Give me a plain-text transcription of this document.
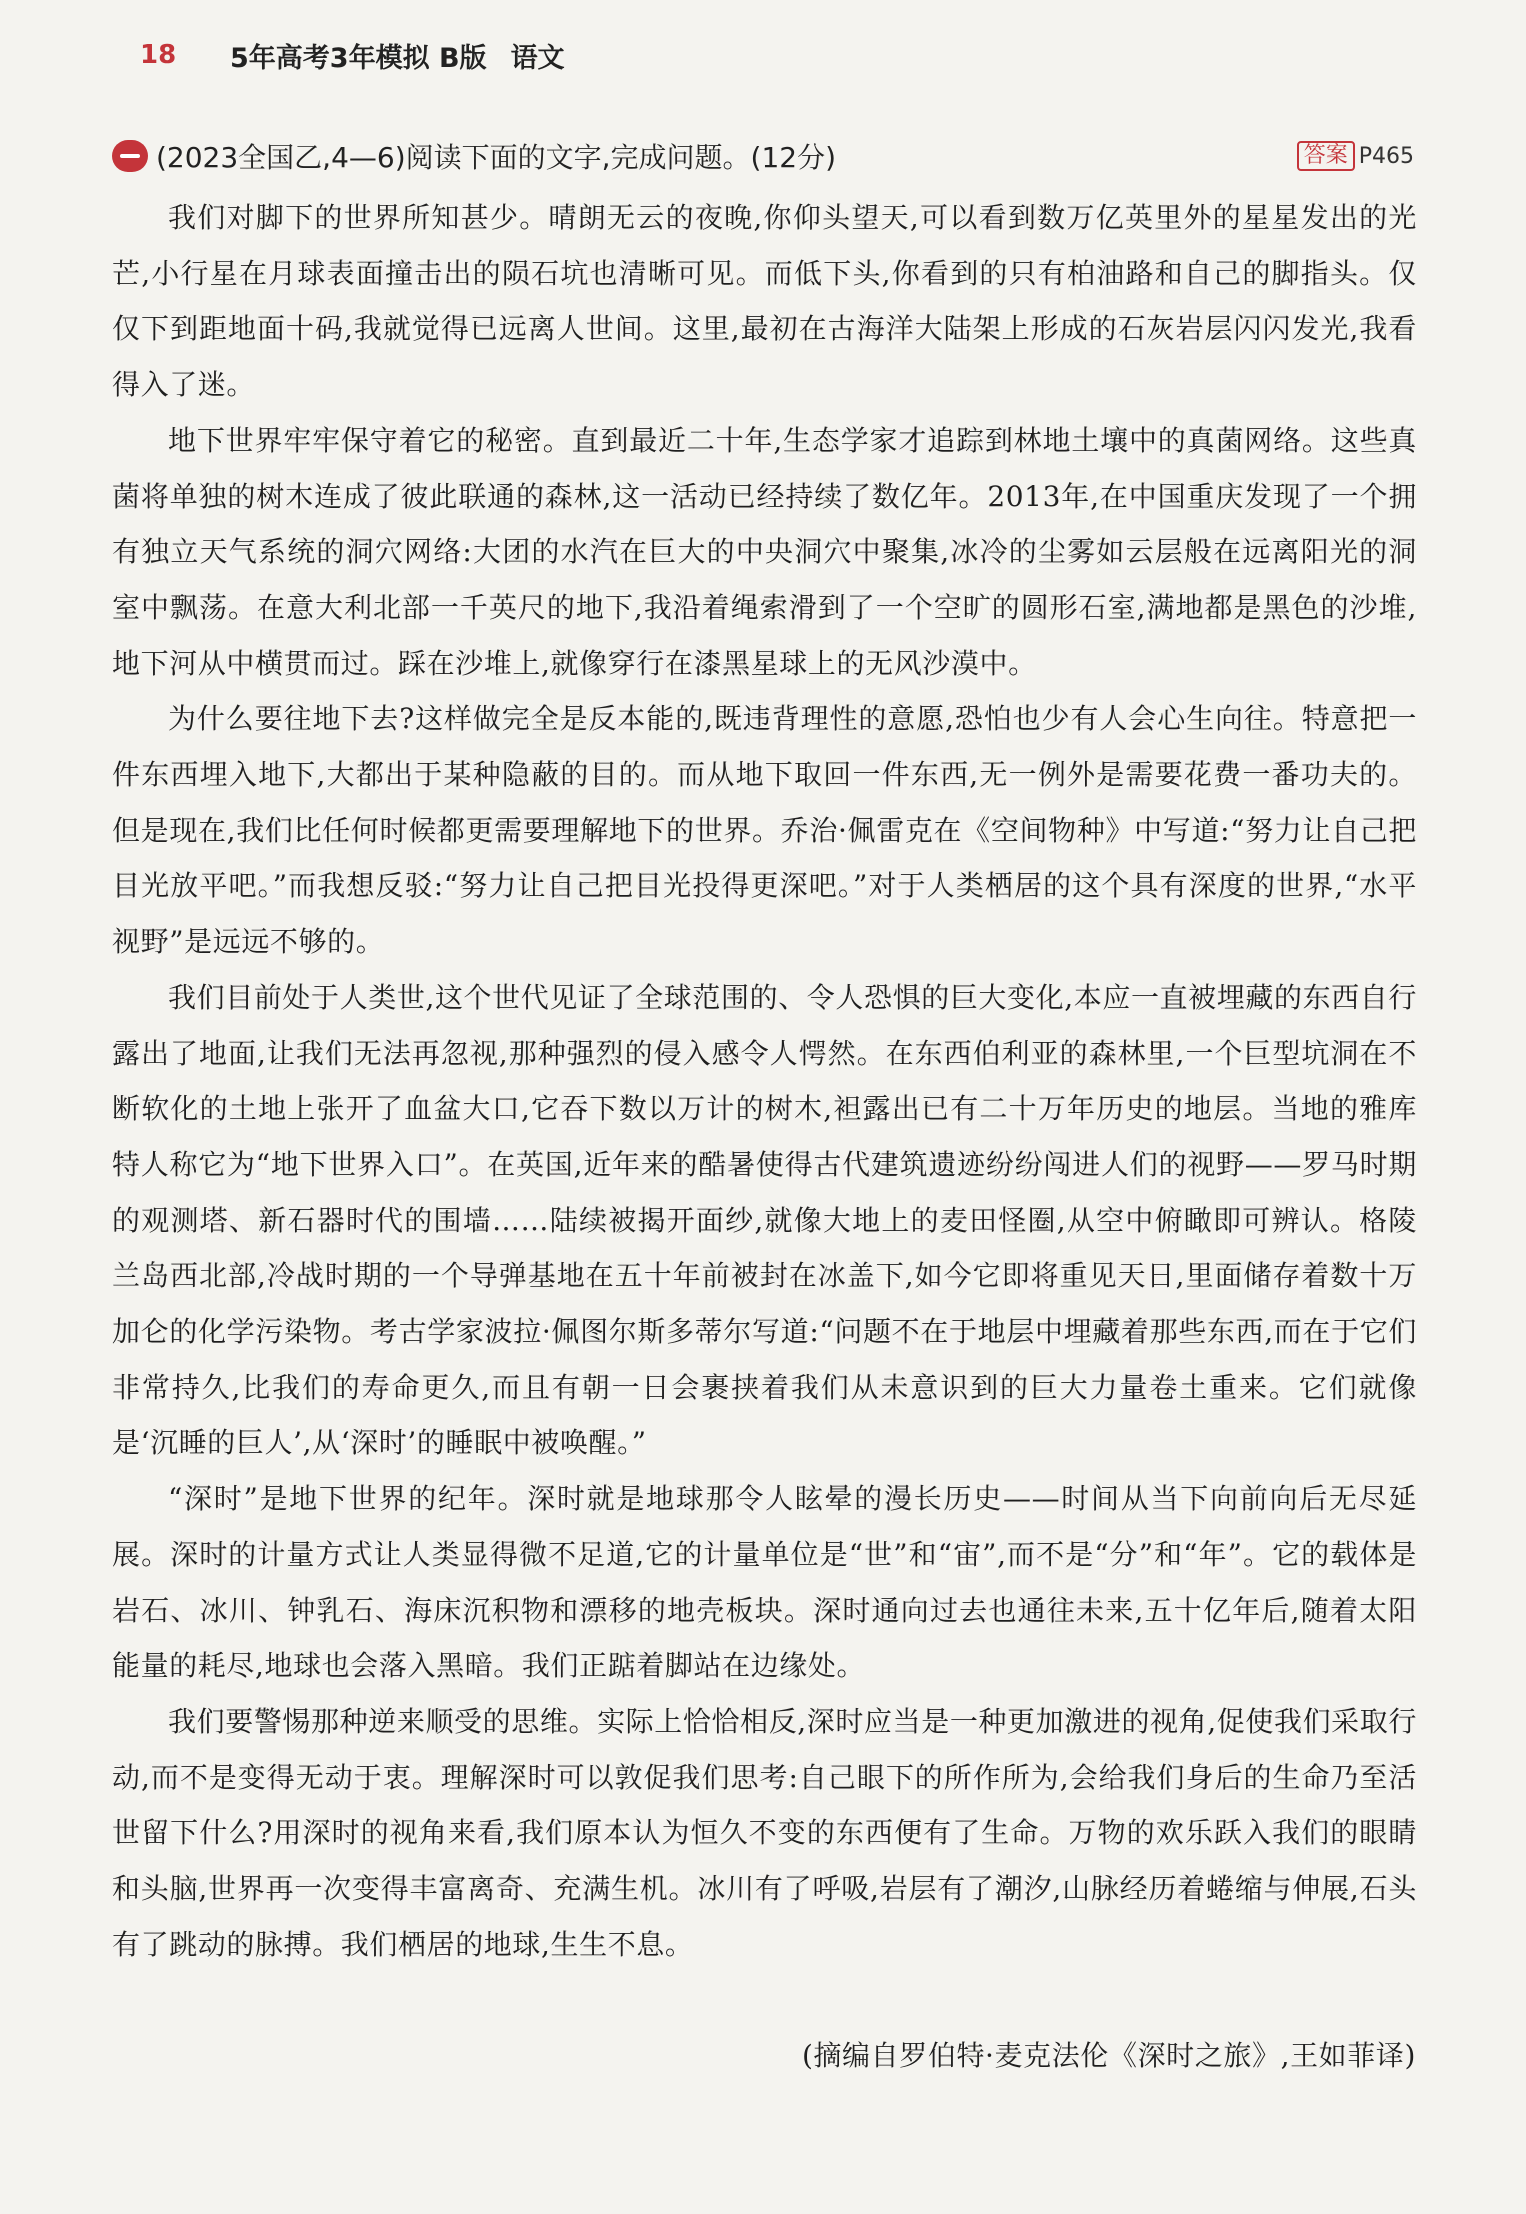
18	5年高考3年模拟 B版 语文
(2023全国乙,4—6)阅读下面的文字,完成问题。(12分)	答案 P465

我们对脚下的世界所知甚少。晴朗无云的夜晚,你仰头望天,可以看到数万亿英里外的星星发出的光芒,小行星在月球表面撞击出的陨石坑也清晰可见。而低下头,你看到的只有柏油路和自己的脚指头。仅仅下到距地面十码,我就觉得已远离人世间。这里,最初在古海洋大陆架上形成的石灰岩层闪闪发光,我看得入了迷。

地下世界牢牢保守着它的秘密。直到最近二十年,生态学家才追踪到林地土壤中的真菌网络。这些真菌将单独的树木连成了彼此联通的森林,这一活动已经持续了数亿年。2013年,在中国重庆发现了一个拥有独立天气系统的洞穴网络:大团的水汽在巨大的中央洞穴中聚集,冰冷的尘雾如云层般在远离阳光的洞室中飘荡。在意大利北部一千英尺的地下,我沿着绳索滑到了一个空旷的圆形石室,满地都是黑色的沙堆,地下河从中横贯而过。踩在沙堆上,就像穿行在漆黑星球上的无风沙漠中。

为什么要往地下去?这样做完全是反本能的,既违背理性的意愿,恐怕也少有人会心生向往。特意把一件东西埋入地下,大都出于某种隐蔽的目的。而从地下取回一件东西,无一例外是需要花费一番功夫的。但是现在,我们比任何时候都更需要理解地下的世界。乔治·佩雷克在《空间物种》中写道:“努力让自己把目光放平吧。”而我想反驳:“努力让自己把目光投得更深吧。”对于人类栖居的这个具有深度的世界,“水平视野”是远远不够的。

我们目前处于人类世,这个世代见证了全球范围的、令人恐惧的巨大变化,本应一直被埋藏的东西自行露出了地面,让我们无法再忽视,那种强烈的侵入感令人愕然。在东西伯利亚的森林里,一个巨型坑洞在不断软化的土地上张开了血盆大口,它吞下数以万计的树木,袒露出已有二十万年历史的地层。当地的雅库特人称它为“地下世界入口”。在英国,近年来的酷暑使得古代建筑遗迹纷纷闯进人们的视野——罗马时期的观测塔、新石器时代的围墙……陆续被揭开面纱,就像大地上的麦田怪圈,从空中俯瞰即可辨认。格陵兰岛西北部,冷战时期的一个导弹基地在五十年前被封在冰盖下,如今它即将重见天日,里面储存着数十万加仑的化学污染物。考古学家波拉·佩图尔斯多蒂尔写道:“问题不在于地层中埋藏着那些东西,而在于它们非常持久,比我们的寿命更久,而且有朝一日会裹挟着我们从未意识到的巨大力量卷土重来。它们就像是‘沉睡的巨人’,从‘深时’的睡眠中被唤醒。”

“深时”是地下世界的纪年。深时就是地球那令人眩晕的漫长历史——时间从当下向前向后无尽延展。深时的计量方式让人类显得微不足道,它的计量单位是“世”和“宙”,而不是“分”和“年”。它的载体是岩石、冰川、钟乳石、海床沉积物和漂移的地壳板块。深时通向过去也通往未来,五十亿年后,随着太阳能量的耗尽,地球也会落入黑暗。我们正踮着脚站在边缘处。

我们要警惕那种逆来顺受的思维。实际上恰恰相反,深时应当是一种更加激进的视角,促使我们采取行动,而不是变得无动于衷。理解深时可以敦促我们思考:自己眼下的所作所为,会给我们身后的生命乃至活世留下什么?用深时的视角来看,我们原本认为恒久不变的东西便有了生命。万物的欢乐跃入我们的眼睛和头脑,世界再一次变得丰富离奇、充满生机。冰川有了呼吸,岩层有了潮汐,山脉经历着蜷缩与伸展,石头有了跳动的脉搏。我们栖居的地球,生生不息。

(摘编自罗伯特·麦克法伦《深时之旅》,王如菲译)
